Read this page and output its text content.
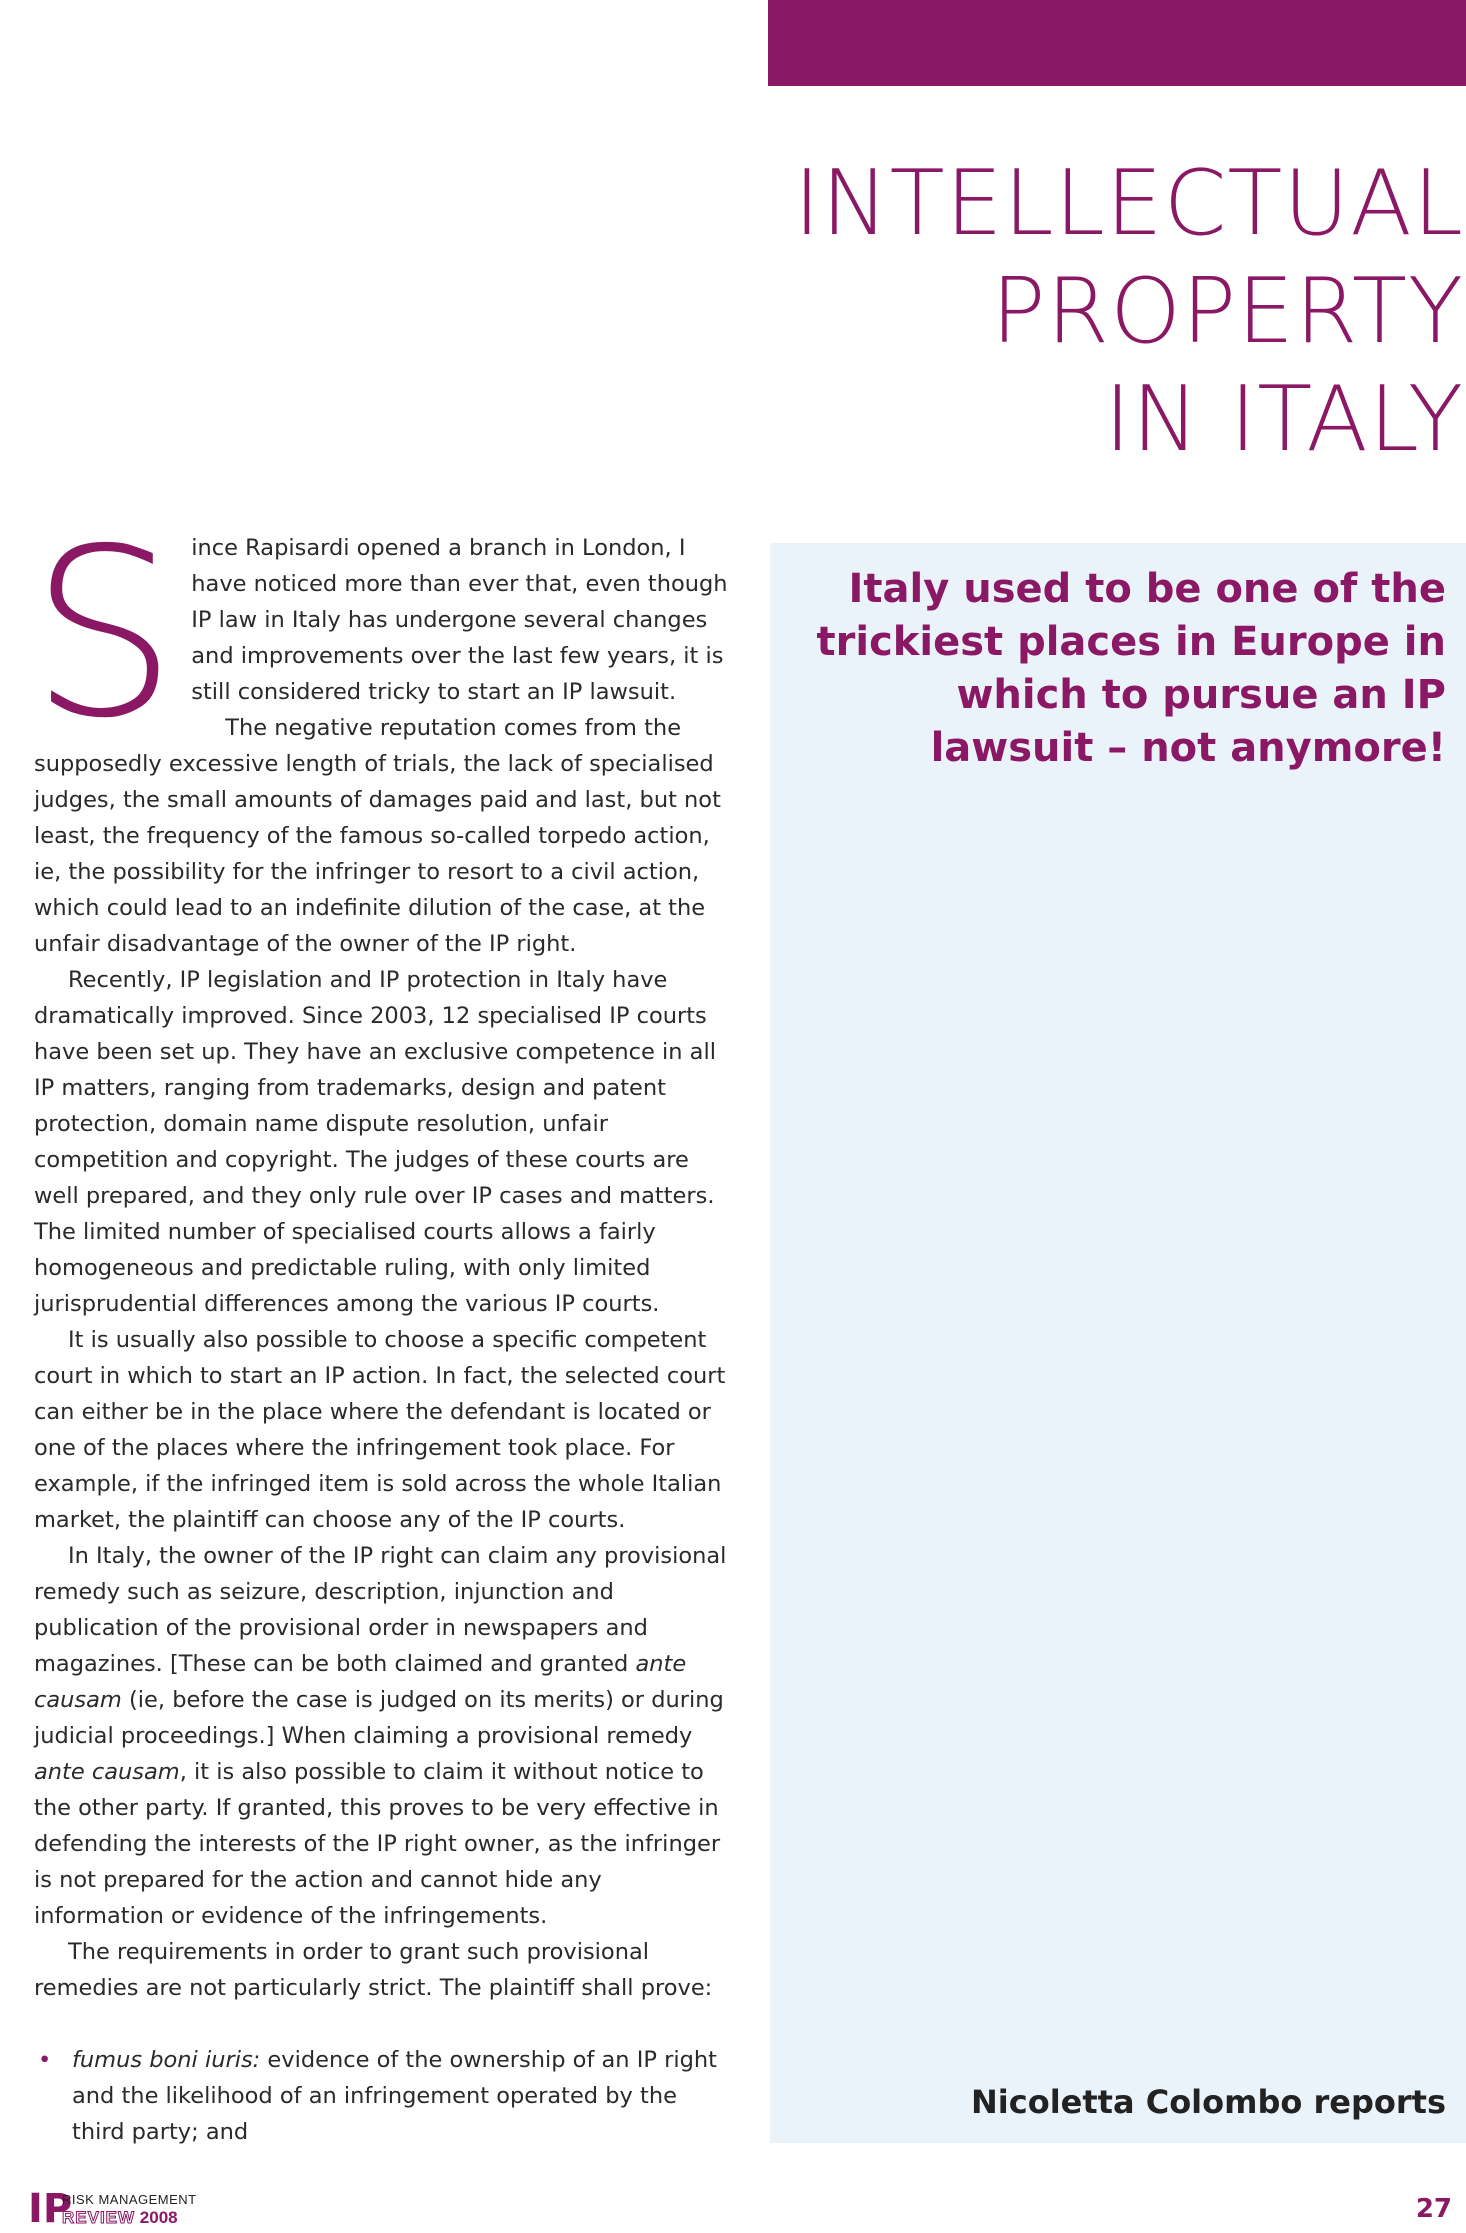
INTELLECTUAL
PROPERTY
IN ITALY
Italy used to be one of the trickiest places in Europe in which to pursue an IP lawsuit – not anymore!
Nicoletta Colombo reports

S ince Rapisardi opened a branch in London, I have noticed more than ever that, even though IP law in Italy has undergone several changes and improvements over the last few years, it is still considered tricky to start an IP lawsuit.

The negative reputation comes from the supposedly excessive length of trials, the lack of specialised judges, the small amounts of damages paid and last, but not least, the frequency of the famous so-called torpedo action, ie, the possibility for the infringer to resort to a civil action, which could lead to an indefinite dilution of the case, at the unfair disadvantage of the owner of the IP right.

Recently, IP legislation and IP protection in Italy have dramatically improved. Since 2003, 12 specialised IP courts have been set up. They have an exclusive competence in all IP matters, ranging from trademarks, design and patent protection, domain name dispute resolution, unfair competition and copyright. The judges of these courts are well prepared, and they only rule over IP cases and matters. The limited number of specialised courts allows a fairly homogeneous and predictable ruling, with only limited jurisprudential differences among the various IP courts.

It is usually also possible to choose a specific competent court in which to start an IP action. In fact, the selected court can either be in the place where the defendant is located or one of the places where the infringement took place. For example, if the infringed item is sold across the whole Italian market, the plaintiff can choose any of the IP courts.

In Italy, the owner of the IP right can claim any provisional remedy such as seizure, description, injunction and publication of the provisional order in newspapers and magazines. [These can be both claimed and granted ante causam (ie, before the case is judged on its merits) or during judicial proceedings.] When claiming a provisional remedy ante causam, it is also possible to claim it without notice to the other party. If granted, this proves to be very effective in defending the interests of the IP right owner, as the infringer is not prepared for the action and cannot hide any information or evidence of the infringements.

The requirements in order to grant such provisional remedies are not particularly strict. The plaintiff shall prove:

• fumus boni iuris: evidence of the ownership of an IP right and the likelihood of an infringement operated by the third party; and
IP
RISK MANAGEMENT
REVIEW 2008	27
